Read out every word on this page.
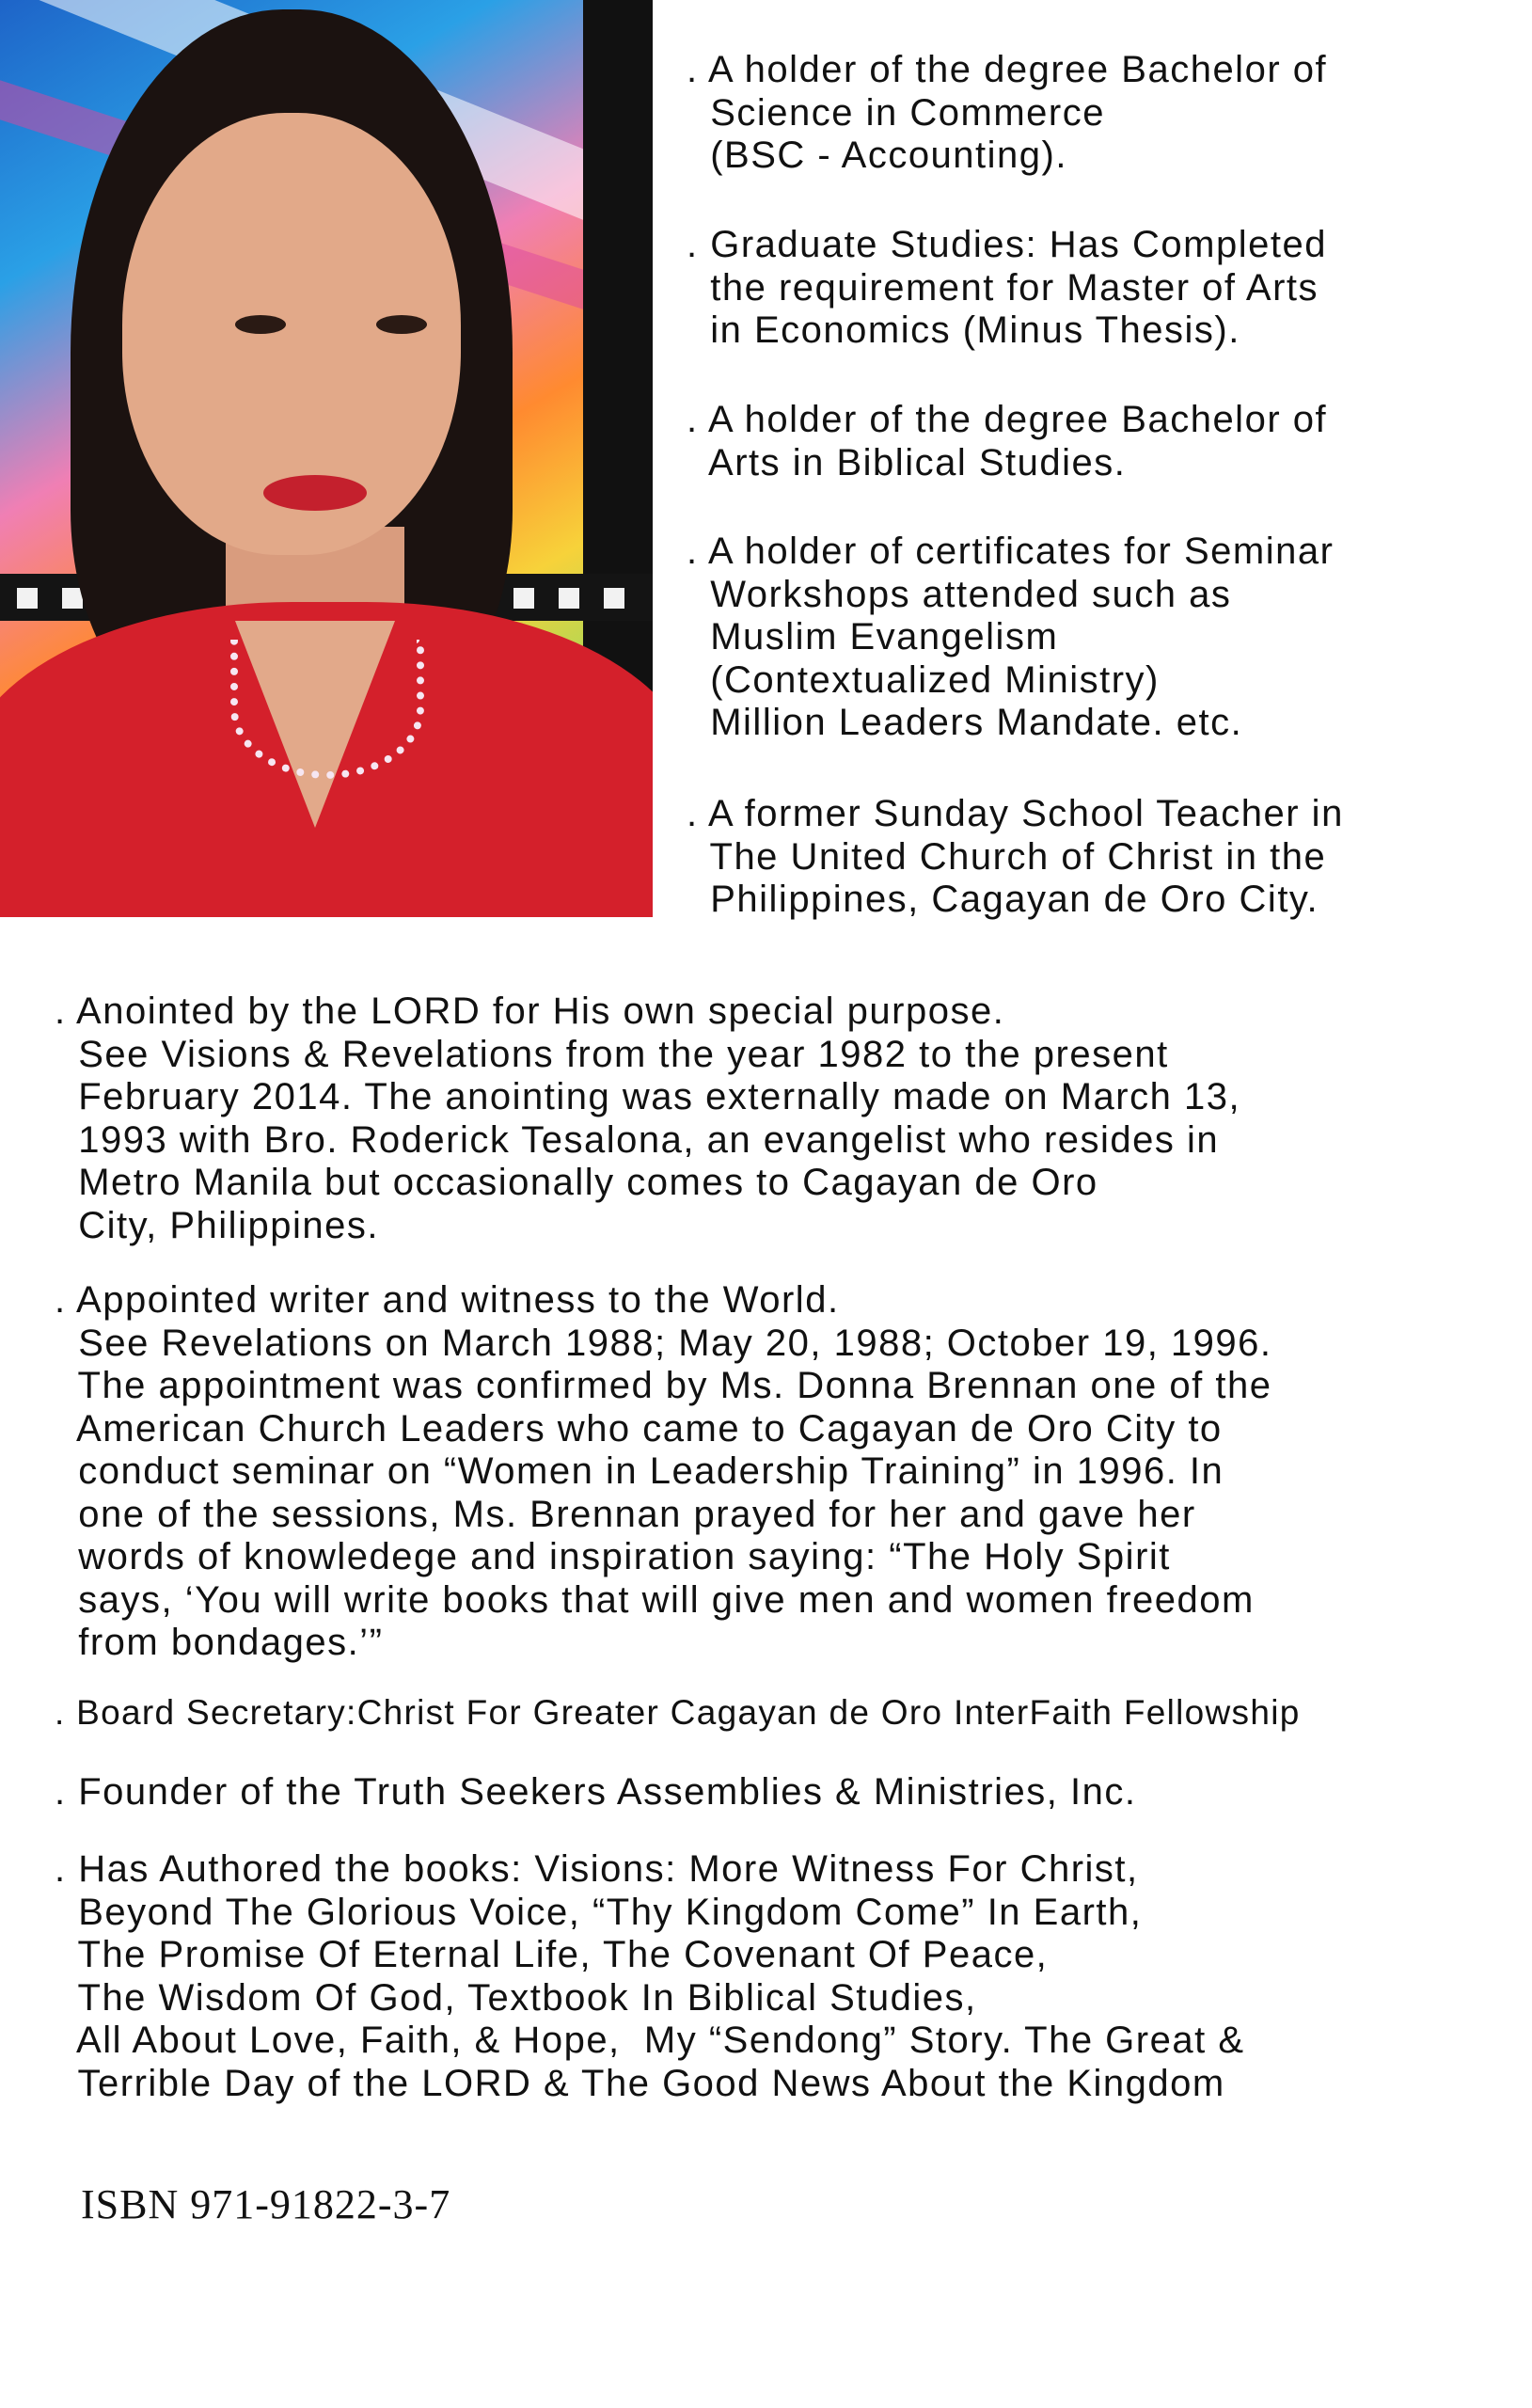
. A holder of the degree Bachelor of
Science in Commerce
(BSC - Accounting).

. Graduate Studies: Has Completed
the requirement for Master of Arts
in Economics (Minus Thesis).

. A holder of the degree Bachelor of
Arts in Biblical Studies.

. A holder of certificates for Seminar
Workshops attended such as
Muslim Evangelism
(Contextualized Ministry)
Million Leaders Mandate. etc.

. A former Sunday School Teacher in
The United Church of Christ in the
Philippines, Cagayan de Oro City.

. Anointed by the LORD for His own special purpose.
See Visions & Revelations from the year 1982 to the present
February 2014. The anointing was externally made on March 13,
1993 with Bro. Roderick Tesalona, an evangelist who resides in
Metro Manila but occasionally comes to Cagayan de Oro
City, Philippines.

. Appointed writer and witness to the World.
See Revelations on March 1988; May 20, 1988; October 19, 1996.
The appointment was confirmed by Ms. Donna Brennan one of the
American Church Leaders who came to Cagayan de Oro City to
conduct seminar on “Women in Leadership Training” in 1996. In
one of the sessions, Ms. Brennan prayed for her and gave her
words of knowledege and inspiration saying: “The Holy Spirit
says, ‘You will write books that will give men and women freedom
from bondages.’”

. Board Secretary:Christ For Greater Cagayan de Oro InterFaith Fellowship

. Founder of the Truth Seekers Assemblies & Ministries, Inc.

. Has Authored the books: Visions: More Witness For Christ,
Beyond The Glorious Voice, “Thy Kingdom Come” In Earth,
The Promise Of Eternal Life, The Covenant Of Peace,
The Wisdom Of God, Textbook In Biblical Studies,
All About Love, Faith, & Hope,  My “Sendong” Story. The Great &
Terrible Day of the LORD & The Good News About the Kingdom

ISBN 971-91822-3-7
